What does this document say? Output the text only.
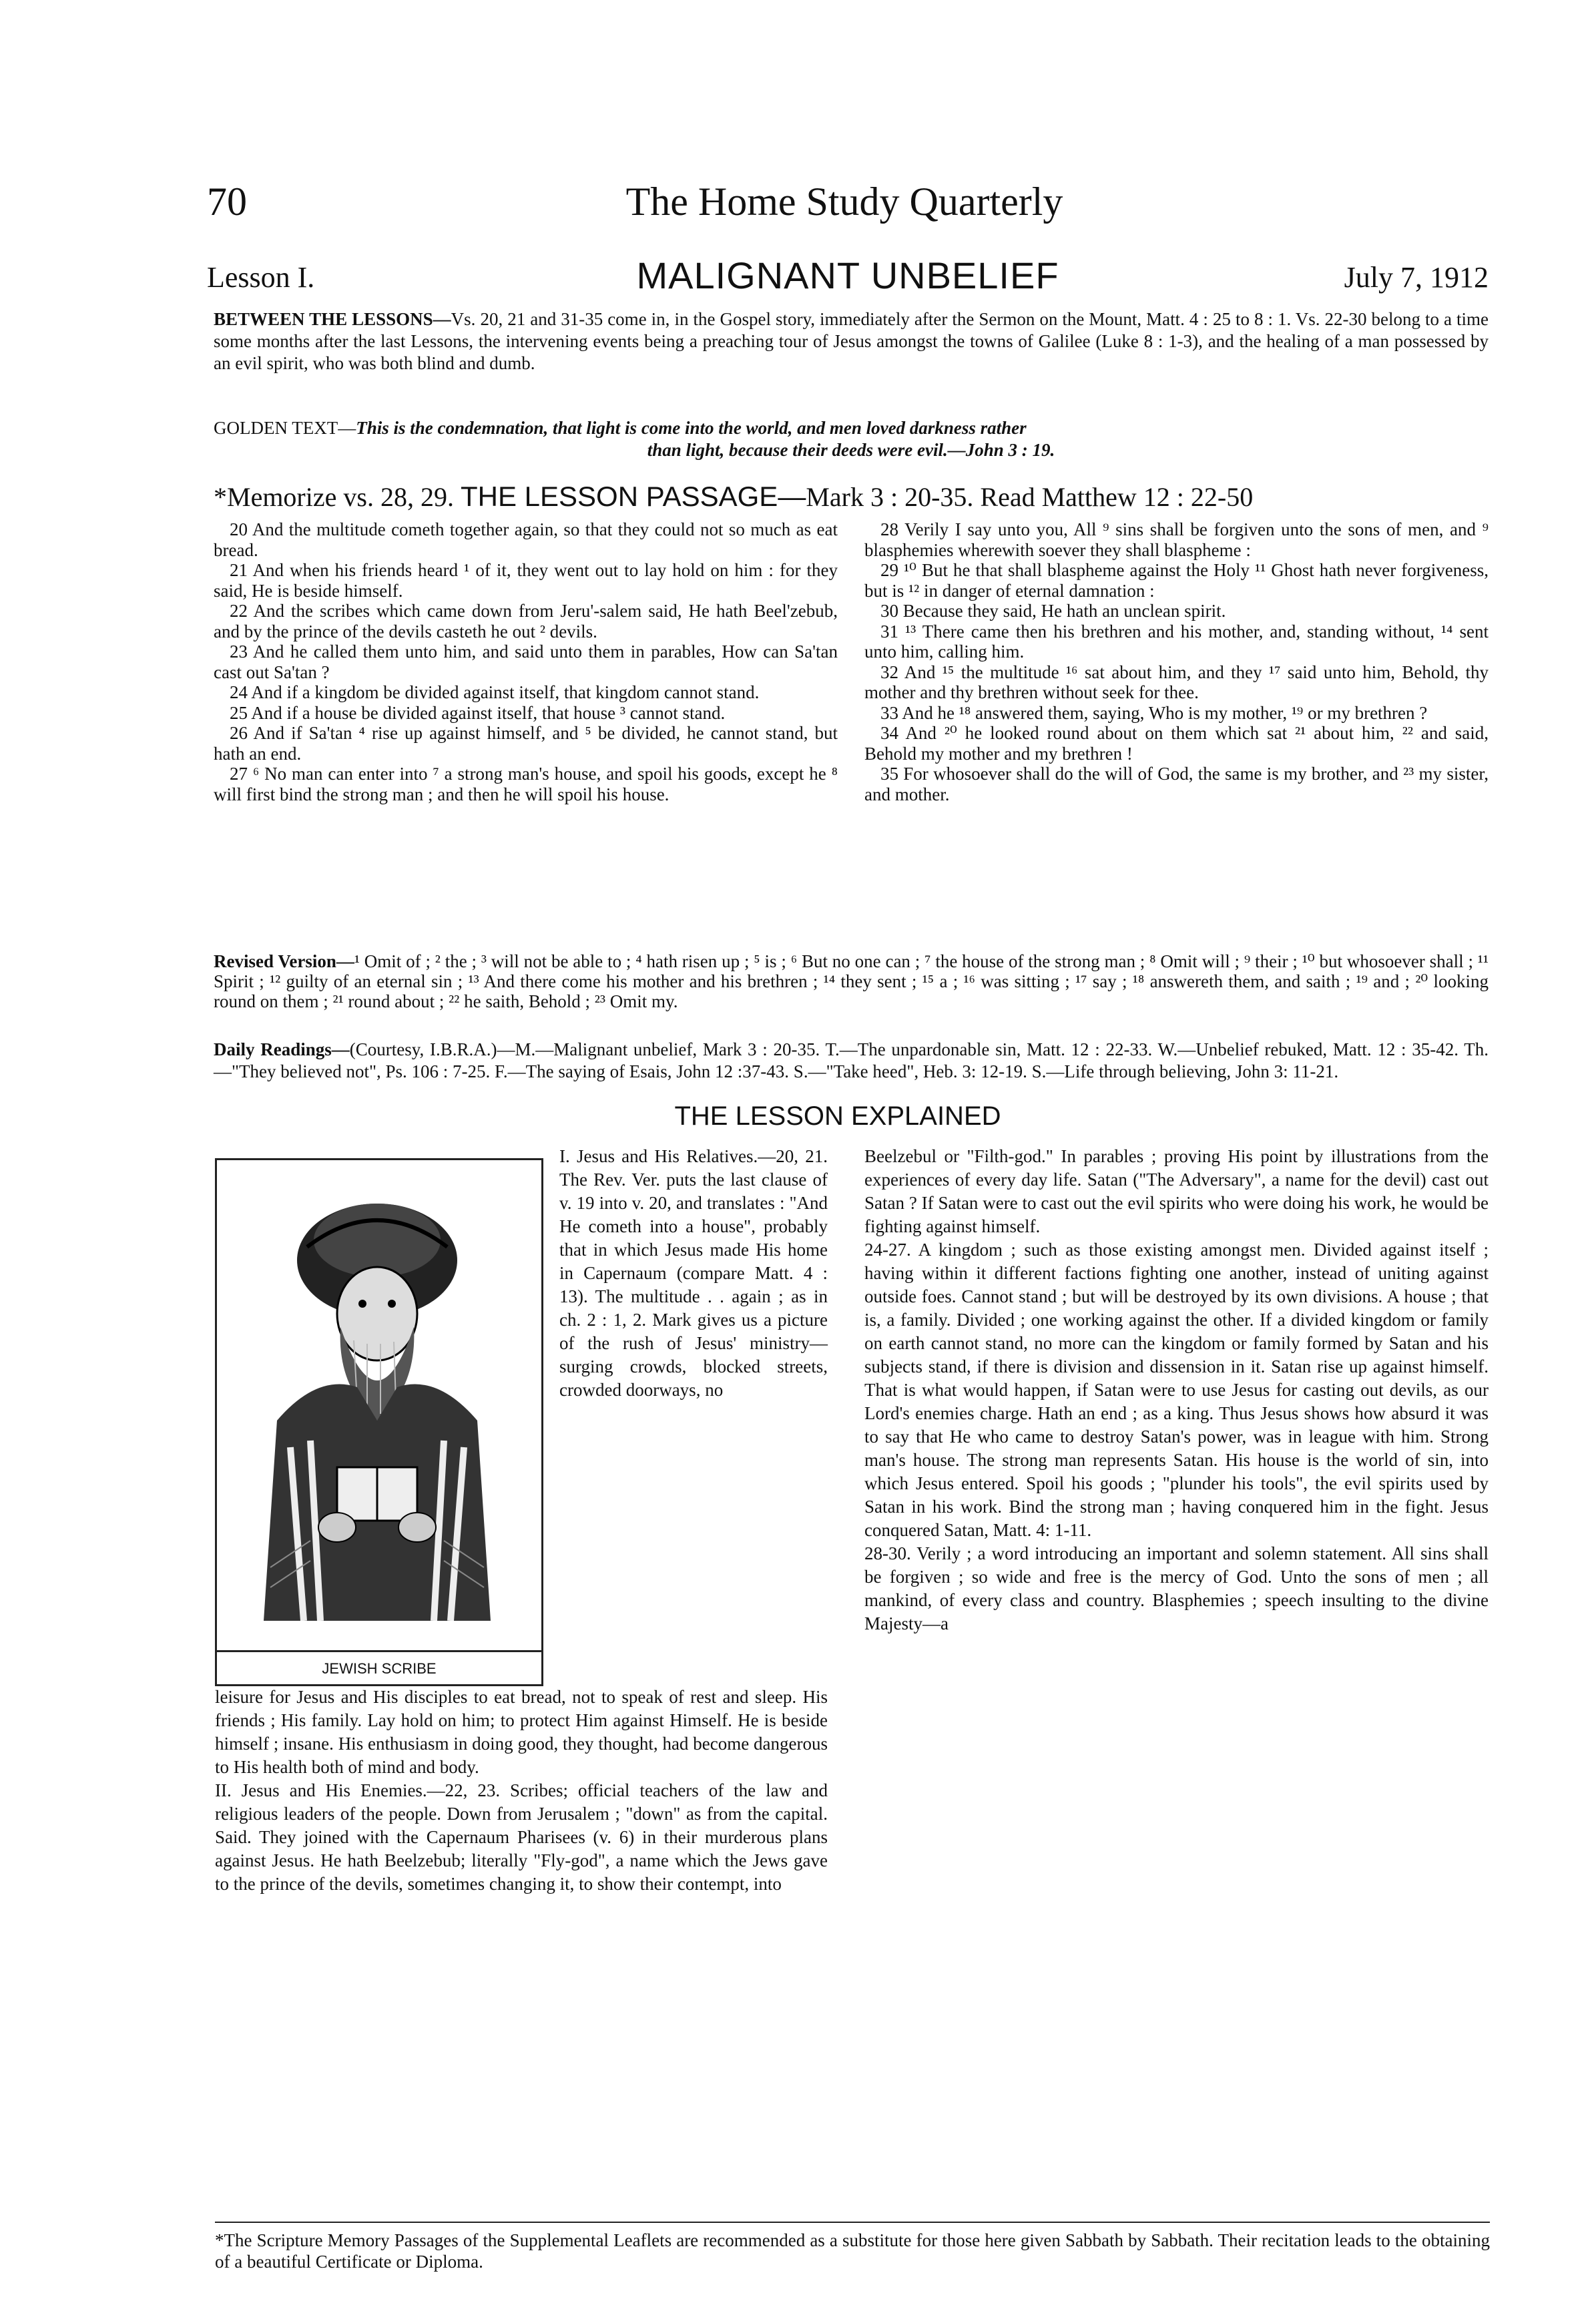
70	The Home Study Quarterly
Lesson I.	MALIGNANT UNBELIEF	July 7, 1912
BETWEEN THE LESSONS—Vs. 20, 21 and 31-35 come in, in the Gospel story, immediately after the Sermon on the Mount, Matt. 4 : 25 to 8 : 1. Vs. 22-30 belong to a time some months after the last Lessons, the intervening events being a preaching tour of Jesus amongst the towns of Galilee (Luke 8 : 1-3), and the healing of a man possessed by an evil spirit, who was both blind and dumb.
GOLDEN TEXT—This is the condemnation, that light is come into the world, and men loved darkness rather
than light, because their deeds were evil.—John 3 : 19.
*Memorize vs. 28, 29. THE LESSON PASSAGE—Mark 3 : 20-35. Read Matthew 12 : 22-50

20 And the multitude cometh together again, so that they could not so much as eat bread.

21 And when his friends heard ¹ of it, they went out to lay hold on him : for they said, He is beside himself.

22 And the scribes which came down from Jeru'-salem said, He hath Beel'zebub, and by the prince of the devils casteth he out ² devils.

23 And he called them unto him, and said unto them in parables, How can Sa'tan cast out Sa'tan ?

24 And if a kingdom be divided against itself, that kingdom cannot stand.

25 And if a house be divided against itself, that house ³ cannot stand.

26 And if Sa'tan ⁴ rise up against himself, and ⁵ be divided, he cannot stand, but hath an end.

27 ⁶ No man can enter into ⁷ a strong man's house, and spoil his goods, except he ⁸ will first bind the strong man ; and then he will spoil his house.

28 Verily I say unto you, All ⁹ sins shall be forgiven unto the sons of men, and ⁹ blasphemies wherewith soever they shall blaspheme :

29 ¹⁰ But he that shall blaspheme against the Holy ¹¹ Ghost hath never forgiveness, but is ¹² in danger of eternal damnation :

30 Because they said, He hath an unclean spirit.

31 ¹³ There came then his brethren and his mother, and, standing without, ¹⁴ sent unto him, calling him.

32 And ¹⁵ the multitude ¹⁶ sat about him, and they ¹⁷ said unto him, Behold, thy mother and thy brethren without seek for thee.

33 And he ¹⁸ answered them, saying, Who is my mother, ¹⁹ or my brethren ?

34 And ²⁰ he looked round about on them which sat ²¹ about him, ²² and said, Behold my mother and my brethren !

35 For whosoever shall do the will of God, the same is my brother, and ²³ my sister, and mother.

Revised Version—¹ Omit of ; ² the ; ³ will not be able to ; ⁴ hath risen up ; ⁵ is ; ⁶ But no one can ; ⁷ the house of the strong man ; ⁸ Omit will ; ⁹ their ; ¹⁰ but whosoever shall ; ¹¹ Spirit ; ¹² guilty of an eternal sin ; ¹³ And there come his mother and his brethren ; ¹⁴ they sent ; ¹⁵ a ; ¹⁶ was sitting ; ¹⁷ say ; ¹⁸ answereth them, and saith ; ¹⁹ and ; ²⁰ looking round on them ; ²¹ round about ; ²² he saith, Behold ; ²³ Omit my.
Daily Readings—(Courtesy, I.B.R.A.)—M.—Malignant unbelief, Mark 3 : 20-35. T.—The unpardonable sin, Matt. 12 : 22-33. W.—Unbelief rebuked, Matt. 12 : 35-42. Th.—"They believed not", Ps. 106 : 7-25. F.—The saying of Esais, John 12 :37-43. S.—"Take heed", Heb. 3: 12-19. S.—Life through believing, John 3: 11-21.
THE LESSON EXPLAINED
JEWISH SCRIBE
I. Jesus and His Relatives.—20, 21. The Rev. Ver. puts the last clause of v. 19 into v. 20, and translates : "And He cometh into a house", probably that in which Jesus made His home in Capernaum (compare Matt. 4 : 13). The multitude . . again ; as in ch. 2 : 1, 2. Mark gives us a picture of the rush of Jesus' ministry—surging crowds, blocked streets, crowded doorways, no

leisure for Jesus and His disciples to eat bread, not to speak of rest and sleep. His friends ; His family. Lay hold on him; to protect Him against Himself. He is beside himself ; insane. His enthusiasm in doing good, they thought, had become dangerous to His health both of mind and body.

II. Jesus and His Enemies.—22, 23. Scribes; official teachers of the law and religious leaders of the people. Down from Jerusalem ; "down" as from the capital. Said. They joined with the Capernaum Pharisees (v. 6) in their murderous plans against Jesus. He hath Beelzebub; literally "Fly-god", a name which the Jews gave to the prince of the devils, sometimes changing it, to show their contempt, into

Beelzebul or "Filth-god." In parables ; proving His point by illustrations from the experiences of every day life. Satan ("The Adversary", a name for the devil) cast out Satan ? If Satan were to cast out the evil spirits who were doing his work, he would be fighting against himself.

24-27. A kingdom ; such as those existing amongst men. Divided against itself ; having within it different factions fighting one another, instead of uniting against outside foes. Cannot stand ; but will be destroyed by its own divisions. A house ; that is, a family. Divided ; one working against the other. If a divided kingdom or family on earth cannot stand, no more can the kingdom or family formed by Satan and his subjects stand, if there is division and dissension in it. Satan rise up against himself. That is what would happen, if Satan were to use Jesus for casting out devils, as our Lord's enemies charge. Hath an end ; as a king. Thus Jesus shows how absurd it was to say that He who came to destroy Satan's power, was in league with him. Strong man's house. The strong man represents Satan. His house is the world of sin, into which Jesus entered. Spoil his goods ; "plunder his tools", the evil spirits used by Satan in his work. Bind the strong man ; having conquered him in the fight. Jesus conquered Satan, Matt. 4: 1-11.

28-30. Verily ; a word introducing an important and solemn statement. All sins shall be forgiven ; so wide and free is the mercy of God. Unto the sons of men ; all mankind, of every class and country. Blasphemies ; speech insulting to the divine Majesty—a

*The Scripture Memory Passages of the Supplemental Leaflets are recommended as a substitute for those here given Sabbath by Sabbath. Their recitation leads to the obtaining of a beautiful Certificate or Diploma.
